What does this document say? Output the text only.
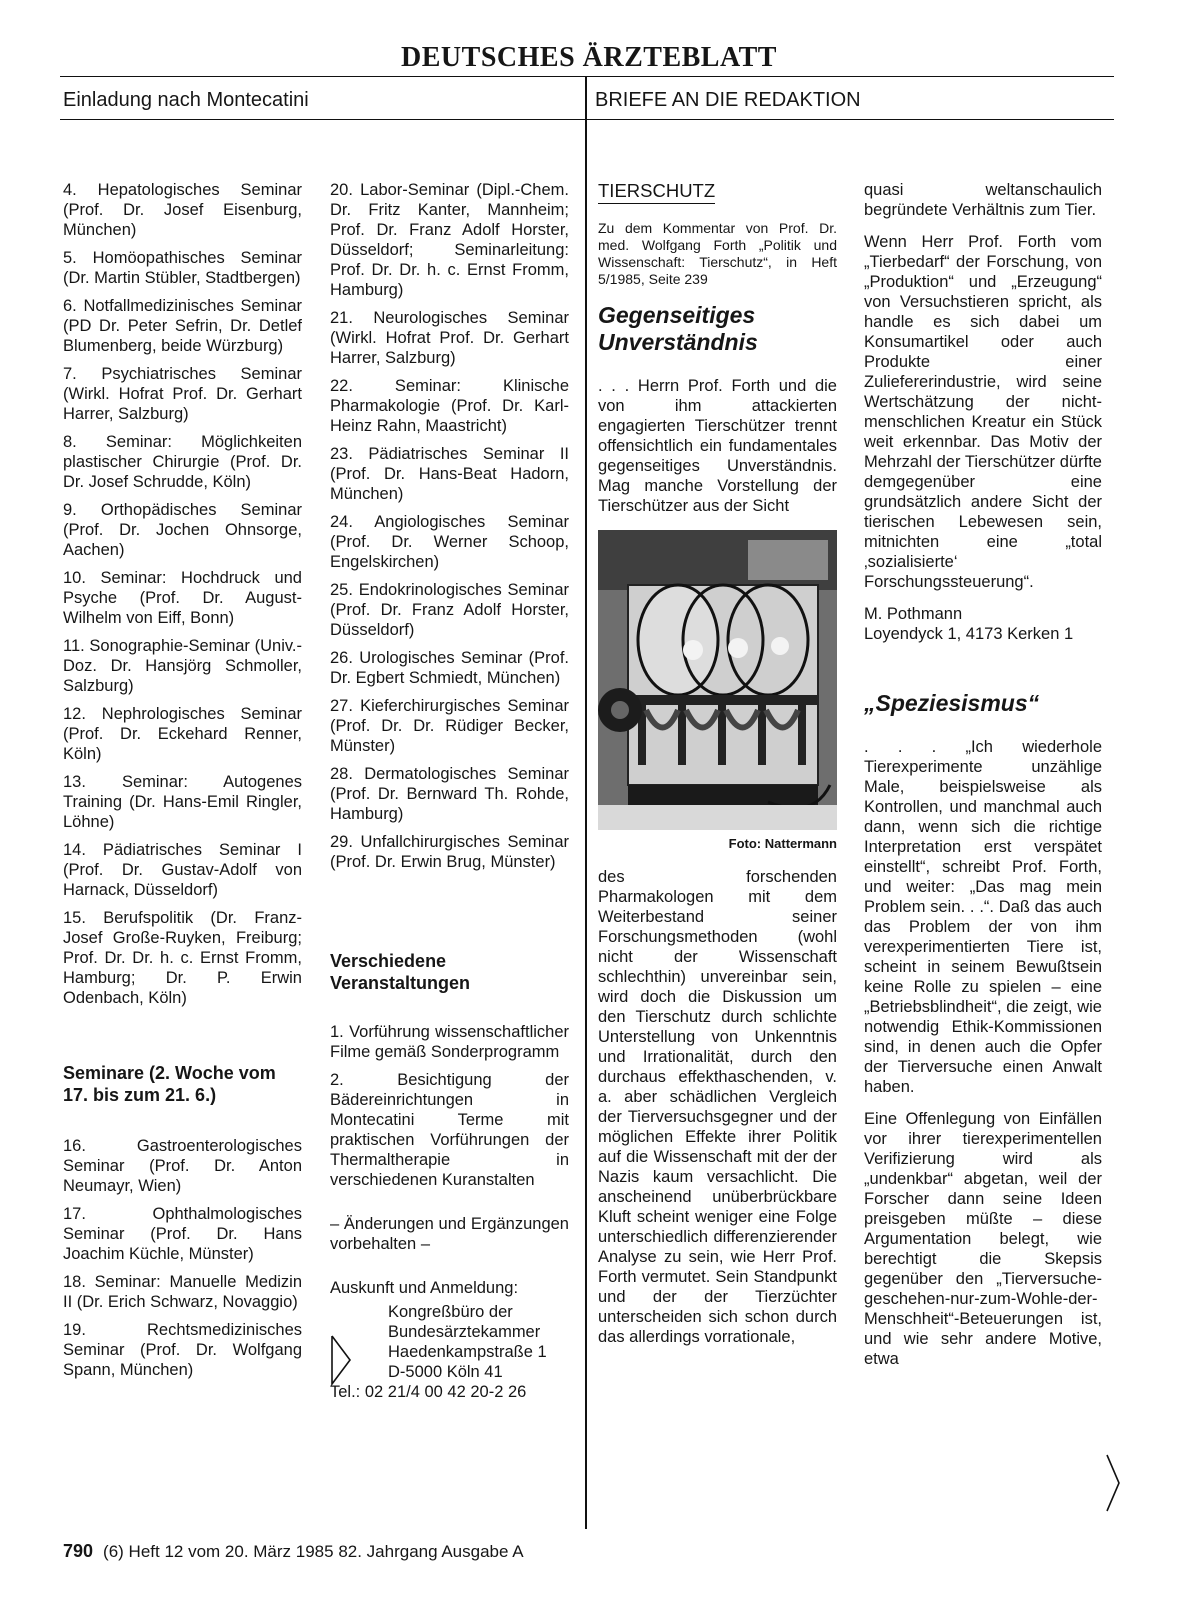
DEUTSCHES ÄRZTEBLATT
Einladung nach Montecatini	BRIEFE AN DIE REDAKTION

4. Hepatologisches Seminar (Prof. Dr. Josef Eisenburg, München)

5. Homöopathisches Seminar (Dr. Martin Stübler, Stadtbergen)

6. Notfallmedizinisches Seminar (PD Dr. Peter Sefrin, Dr. Detlef Blumenberg, beide Würzburg)

7. Psychiatrisches Seminar (Wirkl. Hofrat Prof. Dr. Gerhart Harrer, Salzburg)

8. Seminar: Möglichkeiten plastischer Chirurgie (Prof. Dr. Dr. Josef Schrudde, Köln)

9. Orthopädisches Seminar (Prof. Dr. Jochen Ohnsorge, Aachen)

10. Seminar: Hochdruck und Psyche (Prof. Dr. August-Wilhelm von Eiff, Bonn)

11. Sonographie-Seminar (Univ.-Doz. Dr. Hansjörg Schmoller, Salzburg)

12. Nephrologisches Seminar (Prof. Dr. Eckehard Renner, Köln)

13. Seminar: Autogenes Training (Dr. Hans-Emil Ringler, Löhne)

14. Pädiatrisches Seminar I (Prof. Dr. Gustav-Adolf von Harnack, Düsseldorf)

15. Berufspolitik (Dr. Franz-Josef Große-Ruyken, Freiburg; Prof. Dr. Dr. h. c. Ernst Fromm, Hamburg; Dr. P. Erwin Odenbach, Köln)

Seminare (2. Woche vom 17. bis zum 21. 6.)

16. Gastroenterologisches Seminar (Prof. Dr. Anton Neumayr, Wien)

17. Ophthalmologisches Seminar (Prof. Dr. Hans Joachim Küchle, Münster)

18. Seminar: Manuelle Medizin II (Dr. Erich Schwarz, Novaggio)

19. Rechtsmedizinisches Seminar (Prof. Dr. Wolfgang Spann, München)

20. Labor-Seminar (Dipl.-Chem. Dr. Fritz Kanter, Mannheim; Prof. Dr. Franz Adolf Horster, Düsseldorf; Seminarleitung: Prof. Dr. Dr. h. c. Ernst Fromm, Hamburg)

21. Neurologisches Seminar (Wirkl. Hofrat Prof. Dr. Gerhart Harrer, Salzburg)

22. Seminar: Klinische Pharmakologie (Prof. Dr. Karl-Heinz Rahn, Maastricht)

23. Pädiatrisches Seminar II (Prof. Dr. Hans-Beat Hadorn, München)

24. Angiologisches Seminar (Prof. Dr. Werner Schoop, Engelskirchen)

25. Endokrinologisches Seminar (Prof. Dr. Franz Adolf Horster, Düsseldorf)

26. Urologisches Seminar (Prof. Dr. Egbert Schmiedt, München)

27. Kieferchirurgisches Seminar (Prof. Dr. Dr. Rüdiger Becker, Münster)

28. Dermatologisches Seminar (Prof. Dr. Bernward Th. Rohde, Hamburg)

29. Unfallchirurgisches Seminar (Prof. Dr. Erwin Brug, Münster)

Verschiedene Veranstaltungen

1. Vorführung wissenschaftlicher Filme gemäß Sonderprogramm

2. Besichtigung der Bädereinrichtungen in Montecatini Terme mit praktischen Vorführungen der Thermaltherapie in verschiedenen Kuranstalten

– Änderungen und Ergänzungen vorbehalten –

Auskunft und Anmeldung:

Kongreßbüro der
Bundesärztekammer
Haedenkampstraße 1
D-5000 Köln 41
Tel.: 02 21/4 00 42 20-2 26
TIERSCHUTZ
Zu dem Kommentar von Prof. Dr. med. Wolfgang Forth „Politik und Wissenschaft: Tierschutz“, in Heft 5/1985, Seite 239
Gegenseitiges Unverständnis

. . . Herrn Prof. Forth und die von ihm attackierten engagierten Tierschützer trennt offensichtlich ein fundamentales gegenseitiges Unverständnis. Mag manche Vorstellung der Tierschützer aus der Sicht

Foto: Nattermann

des forschenden Pharmakologen mit dem Weiterbestand seiner Forschungsmethoden (wohl nicht der Wissenschaft schlechthin) unvereinbar sein, wird doch die Diskussion um den Tierschutz durch schlichte Unterstellung von Unkenntnis und Irrationalität, durch den durchaus effekthaschenden, v. a. aber schädlichen Vergleich der Tierversuchsgegner und der möglichen Effekte ihrer Politik auf die Wissenschaft mit der der Nazis kaum versachlicht. Die anscheinend unüberbrückbare Kluft scheint weniger eine Folge unterschiedlich differenzierender Analyse zu sein, wie Herr Prof. Forth vermutet. Sein Standpunkt und der der Tierzüchter unterscheiden sich schon durch das allerdings vorrationale,

quasi weltanschaulich begründete Verhältnis zum Tier.

Wenn Herr Prof. Forth vom „Tierbedarf“ der Forschung, von „Produktion“ und „Erzeugung“ von Versuchstieren spricht, als handle es sich dabei um Konsumartikel oder auch Produkte einer Zuliefererindustrie, wird seine Wertschätzung der nicht-menschlichen Kreatur ein Stück weit erkennbar. Das Motiv der Mehrzahl der Tierschützer dürfte demgegenüber eine grundsätzlich andere Sicht der tierischen Lebewesen sein, mitnichten eine „total ‚sozialisierte‘ Forschungssteuerung“.

M. Pothmann

Loyendyck 1, 4173 Kerken 1

„Speziesismus“

. . . „Ich wiederhole Tierexperimente unzählige Male, beispielsweise als Kontrollen, und manchmal auch dann, wenn sich die richtige Interpretation erst verspätet einstellt“, schreibt Prof. Forth, und weiter: „Das mag mein Problem sein. . .“. Daß das auch das Problem der von ihm verexperimentierten Tiere ist, scheint in seinem Bewußtsein keine Rolle zu spielen – eine „Betriebsblindheit“, die zeigt, wie notwendig Ethik-Kommissionen sind, in denen auch die Opfer der Tierversuche einen Anwalt haben.

Eine Offenlegung von Einfällen vor ihrer tierexperimentellen Verifizierung wird als „undenkbar“ abgetan, weil der Forscher dann seine Ideen preisgeben müßte – diese Argumentation belegt, wie berechtigt die Skepsis gegenüber den „Tierversuche-geschehen-nur-zum-Wohle-der-Menschheit“-Beteuerungen ist, und wie sehr andere Motive, etwa

790 (6) Heft 12 vom 20. März 1985 82. Jahrgang Ausgabe A
